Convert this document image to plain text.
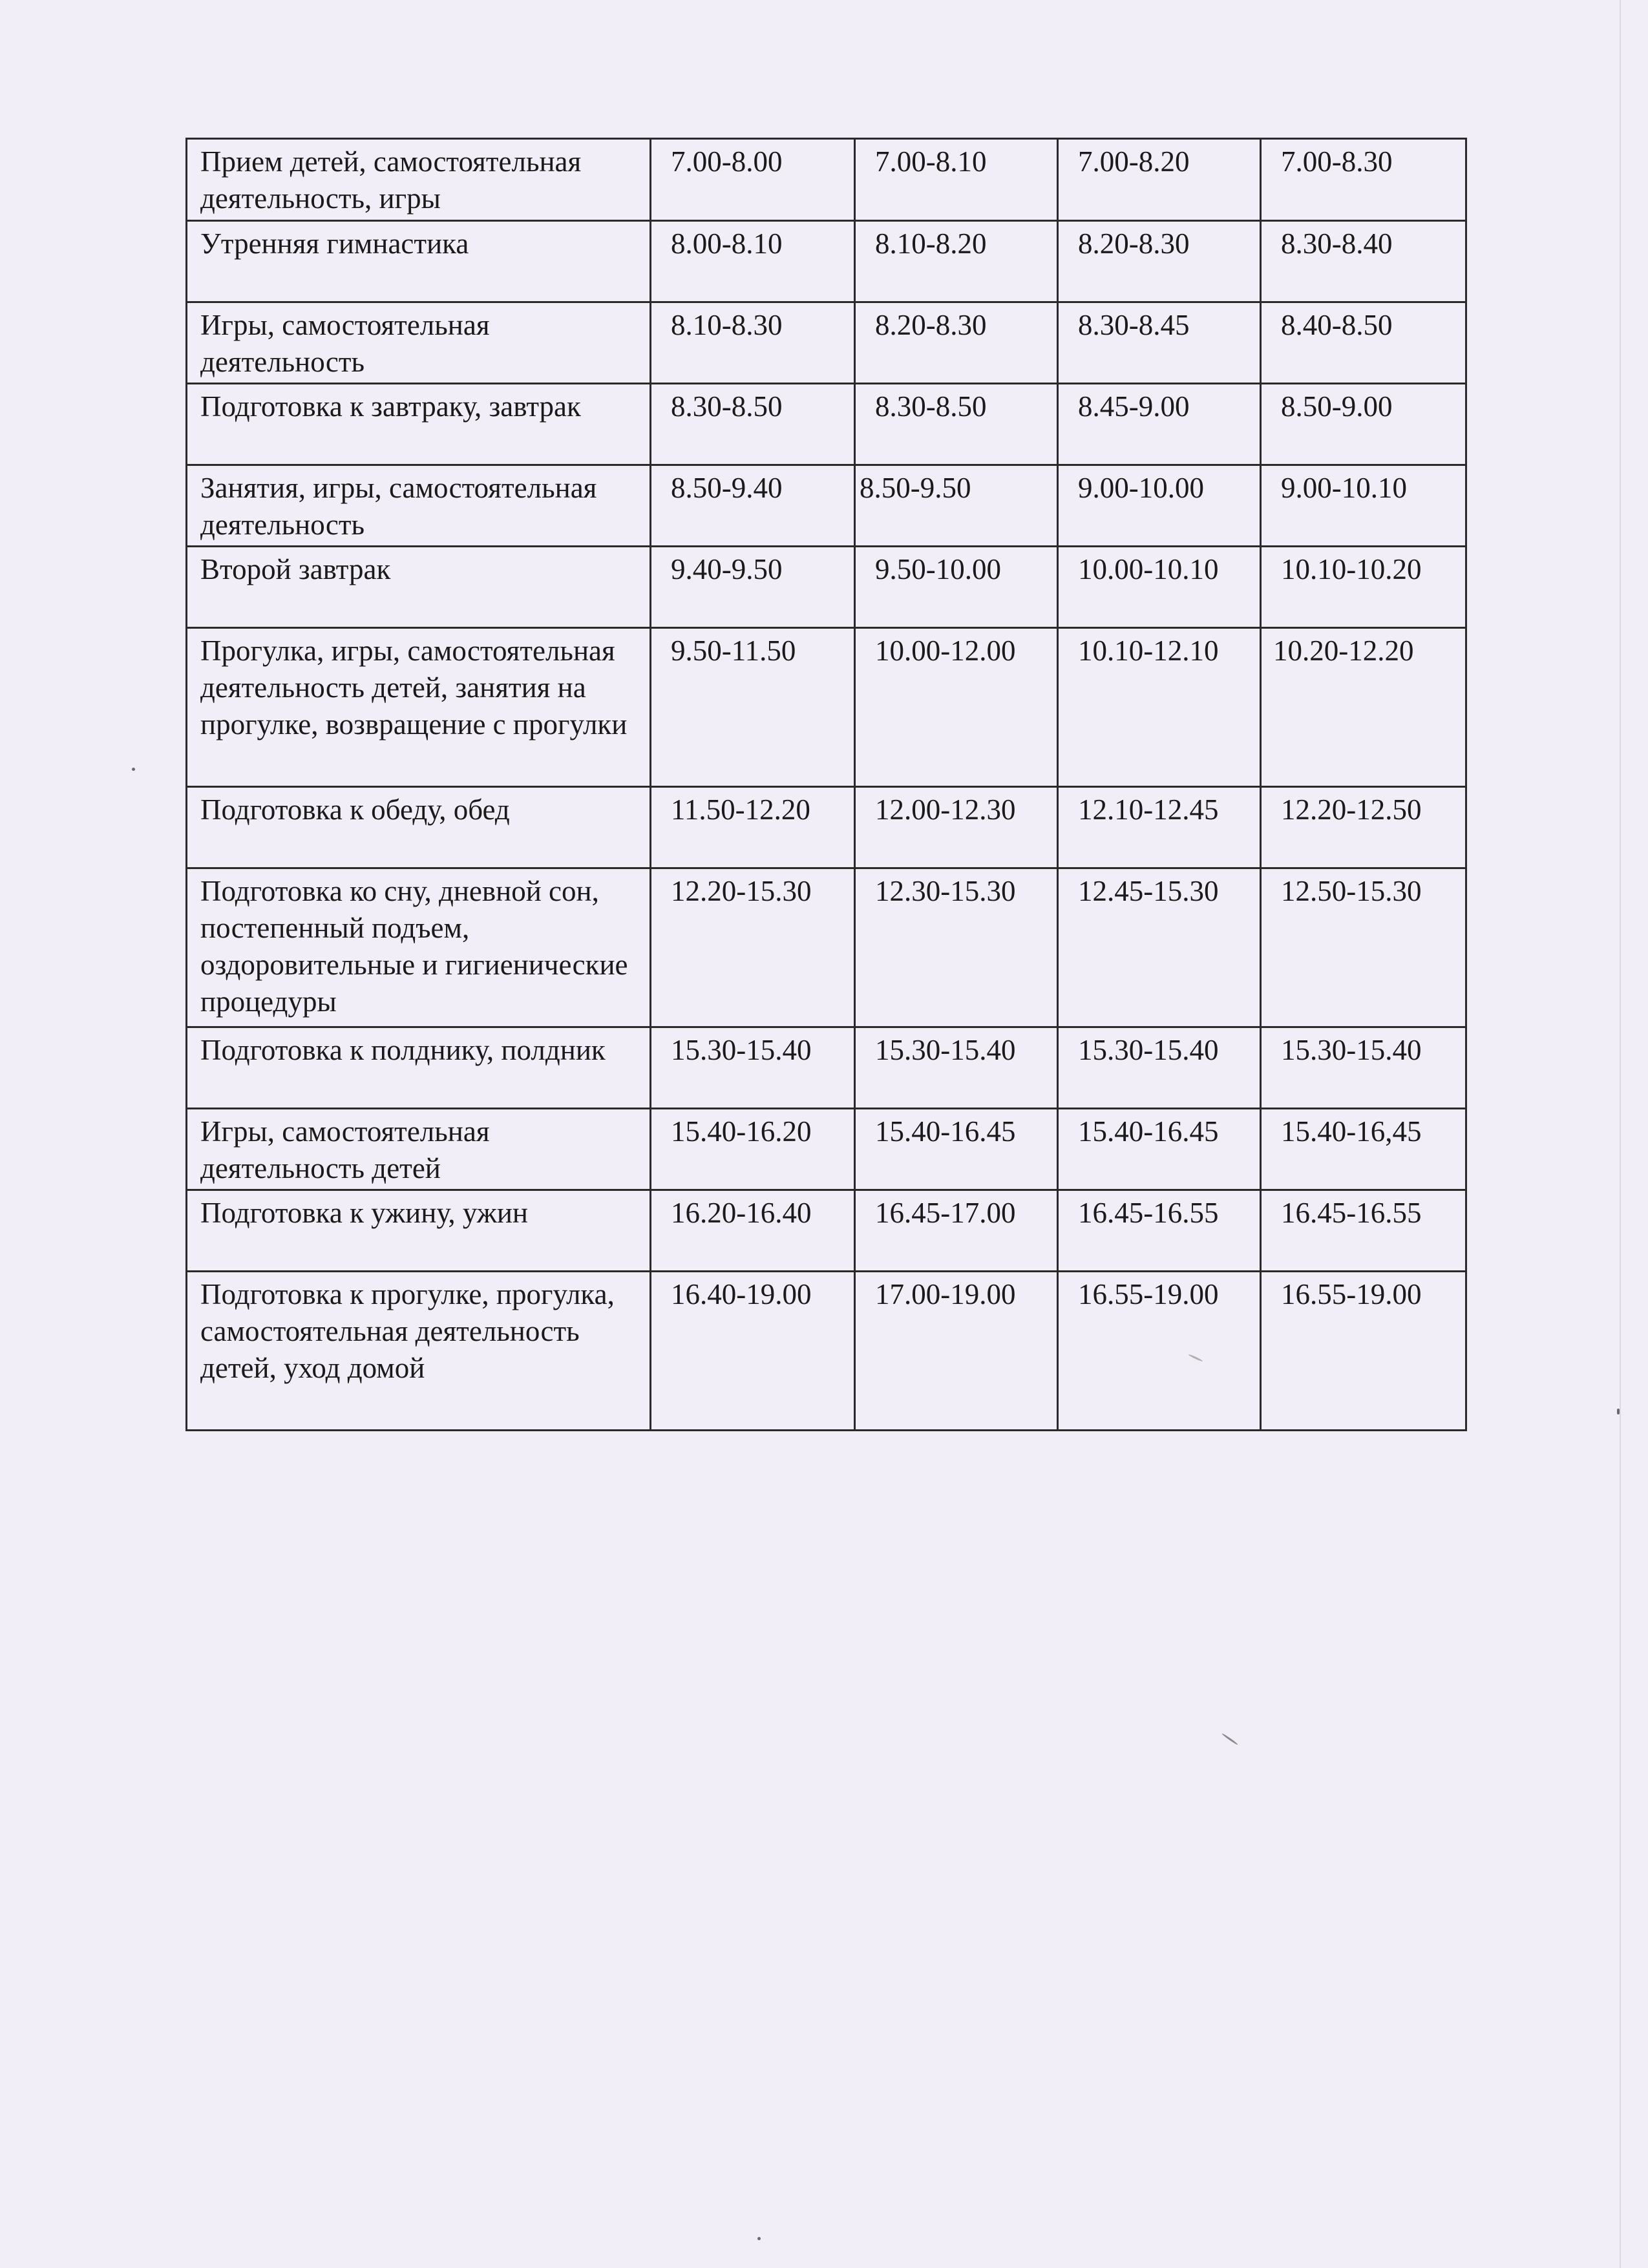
Прием детей, самостоятельная деятельность, игры	7.00-8.00	7.00-8.10	7.00-8.20	7.00-8.30
Утренняя гимнастика	8.00-8.10	8.10-8.20	8.20-8.30	8.30-8.40
Игры, самостоятельная деятельность	8.10-8.30	8.20-8.30	8.30-8.45	8.40-8.50
Подготовка к завтраку, завтрак	8.30-8.50	8.30-8.50	8.45-9.00	8.50-9.00
Занятия, игры, самостоятельная деятельность	8.50-9.40	8.50-9.50	9.00-10.00	9.00-10.10
Второй завтрак	9.40-9.50	9.50-10.00	10.00-10.10	10.10-10.20
Прогулка, игры, самостоятельная деятельность детей, занятия на прогулке, возвращение с прогулки	9.50-11.50	10.00-12.00	10.10-12.10	10.20-12.20
Подготовка к обеду, обед	11.50-12.20	12.00-12.30	12.10-12.45	12.20-12.50
Подготовка ко сну, дневной сон, постепенный подъем, оздоровительные и гигиенические процедуры	12.20-15.30	12.30-15.30	12.45-15.30	12.50-15.30
Подготовка к полднику, полдник	15.30-15.40	15.30-15.40	15.30-15.40	15.30-15.40
Игры, самостоятельная деятельность детей	15.40-16.20	15.40-16.45	15.40-16.45	15.40-16,45
Подготовка к ужину, ужин	16.20-16.40	16.45-17.00	16.45-16.55	16.45-16.55
Подготовка к прогулке, прогулка, самостоятельная деятельность детей, уход домой	16.40-19.00	17.00-19.00	16.55-19.00	16.55-19.00
